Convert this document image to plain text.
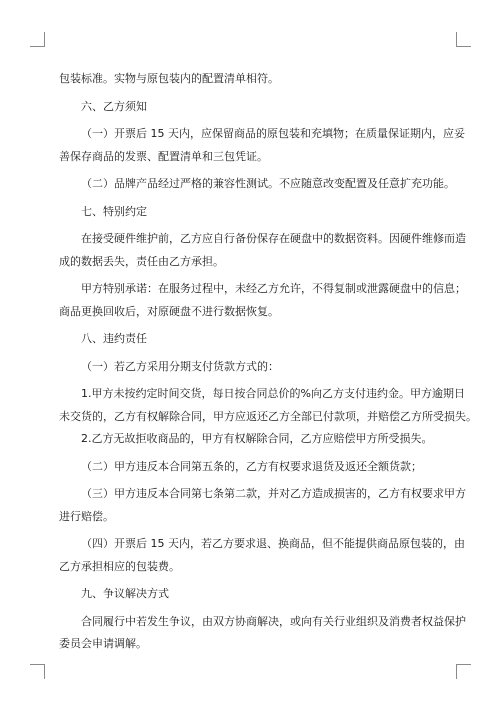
包装标准。实物与原包装内的配置清单相符。

六、乙方须知

（一）开票后 15 天内，应保留商品的原包装和充填物；在质量保证期内，应妥

善保存商品的发票、配置清单和三包凭证。

（二）品牌产品经过严格的兼容性测试。不应随意改变配置及任意扩充功能。

七、特别约定

在接受硬件维护前，乙方应自行备份保存在硬盘中的数据资料。因硬件维修而造

成的数据丢失，责任由乙方承担。

甲方特别承诺：在服务过程中，未经乙方允许，不得复制或泄露硬盘中的信息；

商品更换回收后，对原硬盘不进行数据恢复。

八、违约责任

（一）若乙方采用分期支付货款方式的：

1.甲方未按约定时间交货，每日按合同总价的%向乙方支付违约金。甲方逾期日

未交货的，乙方有权解除合同，甲方应返还乙方全部已付款项，并赔偿乙方所受损失。

2.乙方无故拒收商品的，甲方有权解除合同，乙方应赔偿甲方所受损失。

（二）甲方违反本合同第五条的，乙方有权要求退货及返还全额货款；

（三）甲方违反本合同第七条第二款，并对乙方造成损害的，乙方有权要求甲方

进行赔偿。

（四）开票后 15 天内，若乙方要求退、换商品，但不能提供商品原包装的，由

乙方承担相应的包装费。

九、争议解决方式

合同履行中若发生争议，由双方协商解决，或向有关行业组织及消费者权益保护

委员会申请调解。
